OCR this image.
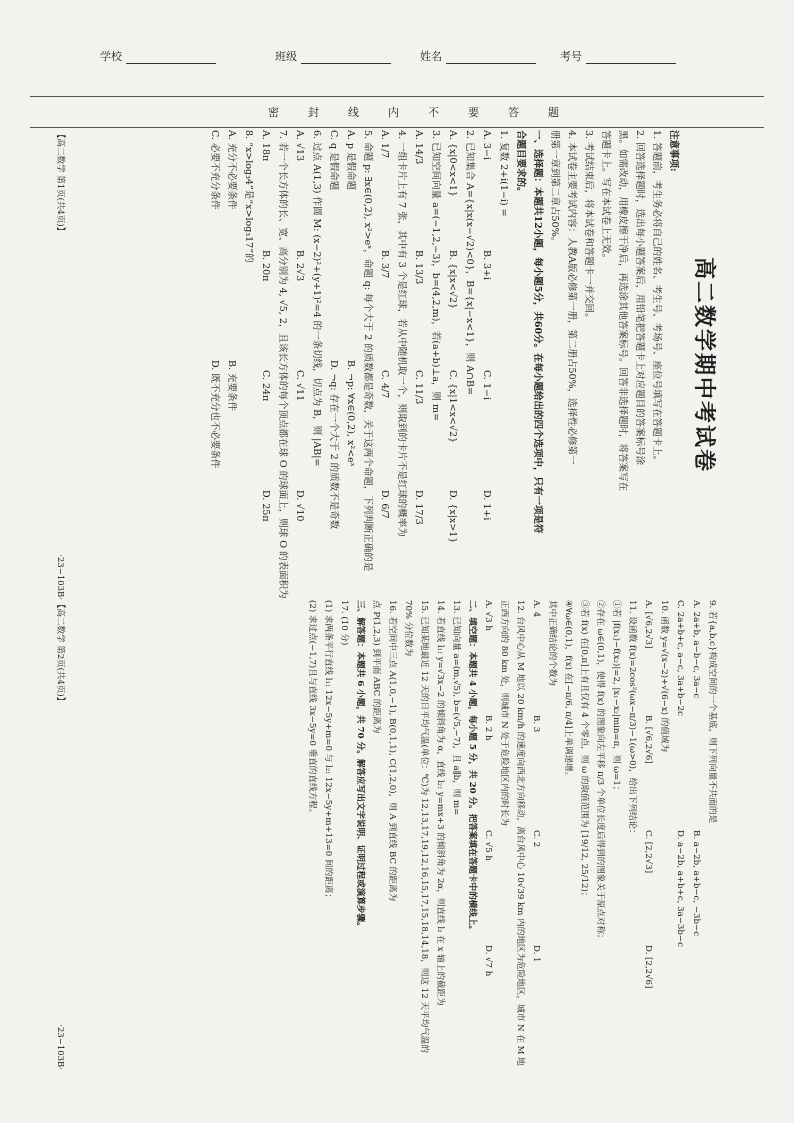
学校	班级	姓名	考号
密	封	线	内	不	要	答	题

高二数学期中考试卷

注意事项:

1. 答题前，考生务必将自己的姓名、考生号、考场号、座位号填写在答题卡上。

2. 回答选择题时，选出每小题答案后，用铅笔把答题卡上对应题目的答案标号涂

黑。如需改动，用橡皮擦干净后，再选涂其他答案标号。回答非选择题时，将答案写在

答题卡上。写在本试卷上无效。

3. 考试结束后，将本试卷和答题卡一并交回。

4. 本试卷主要考试内容：人教A版必修第一册，第二册占50%，选择性必修第一

册第一章到第二章占50%。

一、选择题：本题共12小题，每小题5分，共60分。在每小题给出的四个选项中，只有一项是符

合题目要求的。

1. 复数 2+i(1−i) =

A. 3−iB. 3+iC. 1−iD. 1+i

2. 已知集合 A={x|x(x−√2)<0}，B={x|−x<1}，则 A∩B=

A. {x|0<x<1}B. {x|x<√2}C. {x|1<x<√2}D. {x|x>1}

3. 已知空间向量 a=(−1,2,−3)，b=(4,2,m)，若(a+b)⊥a，则 m=

A. 14/3B. 13/3C. 11/3D. 17/3

4. 一组卡片上有 7 张，其中有 3 个是红球，若从中随机取一个，则取到的卡片不是红球的概率为

A. 1/7B. 3/7C. 4/7D. 6/7

5. 命题 p: ∃x∈(0,2), x²>eˣ，命题 q: 每个大于 2 的质数都是奇数，关于这两个命题，下列判断正确的是

A. p 是假命题B. ¬p: ∀x∈(0,2), x²<eˣ

C. q 是假命题D. ¬q: 存在一个大于 2 的质数不是奇数

6. 过点 A(1,3) 作圆 M: (x−2)²+(y+1)²=4 的一条切线，切点为 B，则 |AB|=

A. √13B. 2√3C. √11D. √10

7. 若一个长方体的长、宽、高分别为 4, √5, 2，且该长方体的每个顶点都在球 O 的球面上，则球 O 的表面积为

A. 18πB. 20πC. 24πD. 25π

8. “x>log₃4”是“x>log₃17”的

A. 充分不必要条件B. 充要条件

C. 必要不充分条件D. 既不充分也不必要条件

【高二数学 第1页(共4页)】
·23−103B·

9. 若{a,b,c}构成空间的一个基底，则下列向量不共面的是

A. 2a+b, a−b−c, 3a−cB. a−2b, a+b−c, −3b−c

C. 2a+b+c, a−c, 3a+b−2cD. a−2b, a+b+c, 3a−3b−c

10. 函数 y=√(x−2)+√(6−x) 的值域为

A. [√6,2√3]B. [√6,2√6]C. [2,2√3]D. [2,2√6]

11. 设函数 f(x)=2cos²(ωx−π/3)−1(ω>0)，给出下列结论：

①若 |f(x₁)−f(x₂)|=2, |x₁−x₂|min=π，则 ω=1；

②存在 ω∈(0,1)，使得 f(x) 的图象向左平移 π/3 个单位长度后得到的图象关于原点对称；

③若 f(x) 在[0,π]上有且仅有 4 个零点，则 ω 的取值范围为 [19/12, 25/12)；

④∀ω∈(0,1)，f(x) 在[−π/6, π/4]上单调递增。

其中正确结论的个数为

A. 4B. 3C. 2D. 1

12. 台风中心从 M 地以 20 km/h 的速度向西北方向移动，离台风中心 10√39 km 内的地区为危险地区，城市 N 在 M 地正西方向的 80 km 处，则城市 N 处于危险地区内的时长为

A. √3 hB. 2 hC. √5 hD. √7 h

二、填空题：本题共 4 小题，每小题 5 分，共 20 分。把答案填在答题卡中的横线上。

13. 已知向量 a=(m,√5), b=(√5,−7)，且 a∥b，则 m=

14. 若直线 l₁: y=√3x−2 的倾斜角为 α，直线 l₂: y=mx+3 的倾斜角为 2α，则直线 l₂ 在 x 轴上的截距为

15. 已知某地最近 12 天的日平均气温(单位：℃)为 12,13,17,19,12,16,15,17,15,18,14,18，则这 12 天平均气温的 70% 分位数为

16. 若空间中三点 A(1,0,−1), B(0,1,1), C(1,2,0)，则 A 到直线 BC 的距离为

点 P(1,2,3) 到平面 ABC 的距离为

三、解答题：本题共 6 小题，共 70 分。解答应写出文字说明、证明过程或演算步骤。

17. (10 分)

(1) 求两条平行直线 l₁: 12x−5y+m=0 与 l₂: 12x−5y+m+13=0 间的距离；

(2) 求过点(−1,7)且与直线 3x−5y=0 垂直的直线方程。

【高二数学 第2页(共4页)】
·23−103B·
